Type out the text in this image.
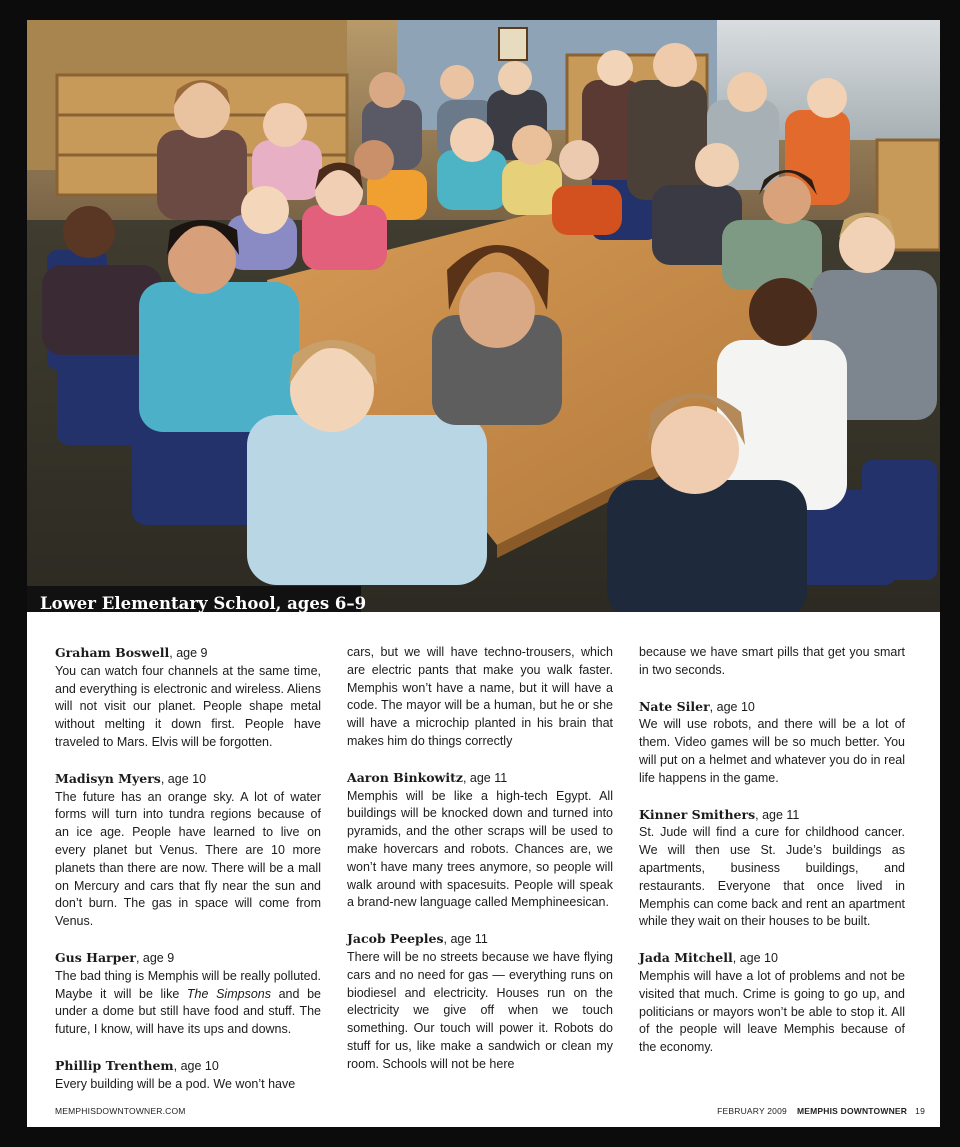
Lower Elementary School, ages 6–9
Graham Boswell, age 9

You can watch four channels at the same time, and everything is electronic and wireless. Aliens will not visit our planet. People shape metal without melting it down first. People have traveled to Mars. Elvis will be forgotten.

Madisyn Myers, age 10

The future has an orange sky. A lot of water forms will turn into tundra regions because of an ice age. People have learned to live on every planet but Venus. There are 10 more planets than there are now. There will be a mall on Mercury and cars that fly near the sun and don’t burn. The gas in space will come from Venus.

Gus Harper, age 9

The bad thing is Memphis will be really polluted. Maybe it will be like The Simpsons and be under a dome but still have food and stuff. The future, I know, will have its ups and downs.

Phillip Trenthem, age 10

Every building will be a pod. We won’t have

cars, but we will have techno-trousers, which are electric pants that make you walk faster. Memphis won’t have a name, but it will have a code. The mayor will be a human, but he or she will have a microchip planted in his brain that makes him do things correctly

Aaron Binkowitz, age 11

Memphis will be like a high-tech Egypt. All buildings will be knocked down and turned into pyramids, and the other scraps will be used to make hovercars and robots. Chances are, we won’t have many trees anymore, so people will walk around with spacesuits. People will speak a brand-new language called Memphineesican.

Jacob Peeples, age 11

There will be no streets because we have flying cars and no need for gas — everything runs on biodiesel and electricity. Houses run on the electricity we give off when we touch something. Our touch will power it. Robots do stuff for us, like make a sandwich or clean my room. Schools will not be here

because we have smart pills that get you smart in two seconds.

Nate Siler, age 10

We will use robots, and there will be a lot of them. Video games will be so much better. You will put on a helmet and whatever you do in real life happens in the game.

Kinner Smithers, age 11

St. Jude will find a cure for childhood cancer. We will then use St. Jude’s buildings as apartments, business buildings, and restaurants. Everyone that once lived in Memphis can come back and rent an apartment while they wait on their houses to be built.

Jada Mitchell, age 10

Memphis will have a lot of problems and not be visited that much. Crime is going to go up, and politicians or mayors won’t be able to stop it. All of the people will leave Memphis because of the economy.

MEMPHISDOWNTOWNER.COM	FEBRUARY 2009 MEMPHIS DOWNTOWNER 19
